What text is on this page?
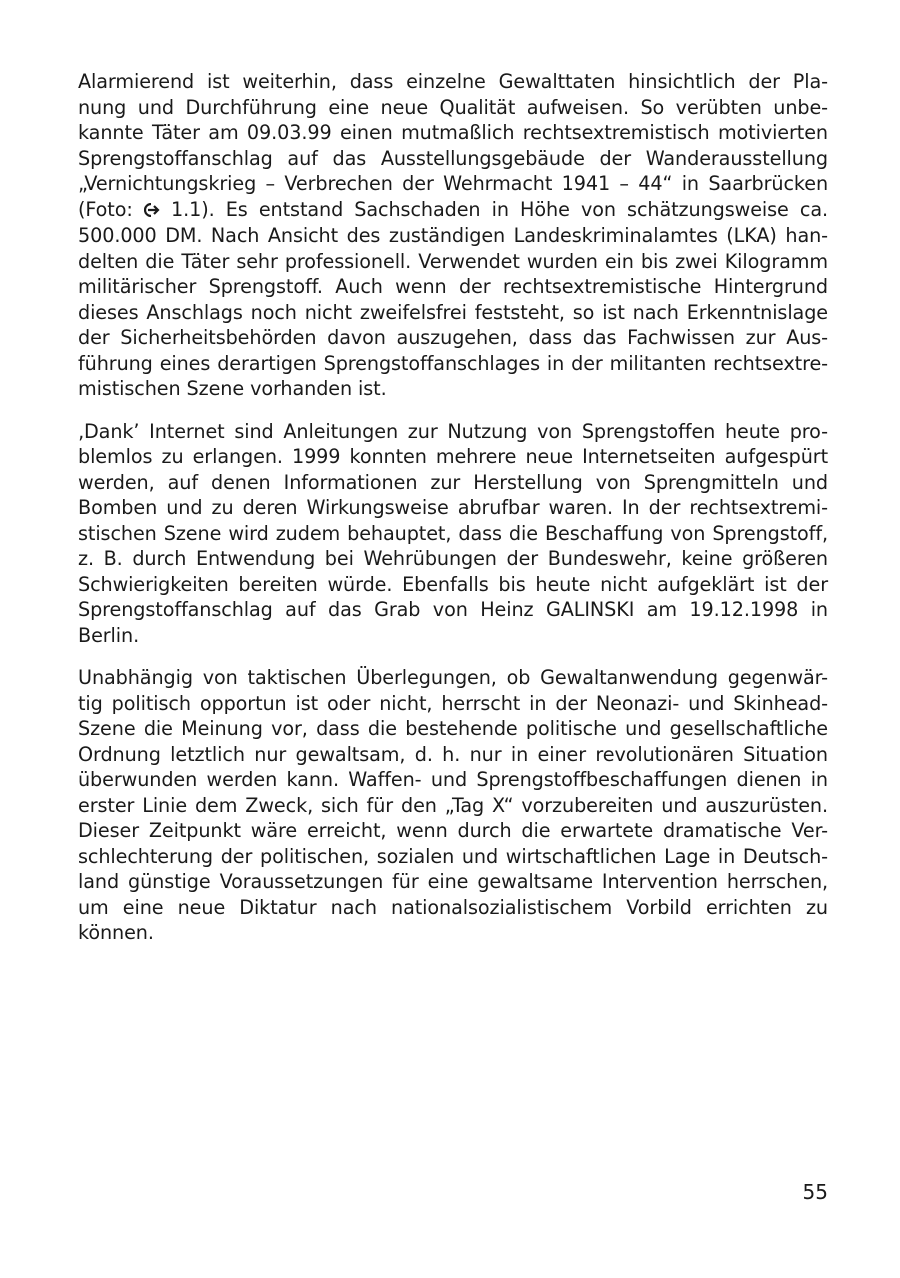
Alarmierend ist weiterhin, dass einzelne Gewalttaten hinsichtlich der Pla-
nung und Durchführung eine neue Qualität aufweisen. So verübten unbe-
kannte Täter am 09.03.99 einen mutmaßlich rechtsextremistisch motivierten
Sprengstoffanschlag auf das Ausstellungsgebäude der Wanderausstellung
„Vernichtungskrieg – Verbrechen der Wehrmacht 1941 – 44“ in Saarbrücken
(Foto: 1.1). Es entstand Sachschaden in Höhe von schätzungsweise ca.
500.000 DM. Nach Ansicht des zuständigen Landeskriminalamtes (LKA) han-
delten die Täter sehr professionell. Verwendet wurden ein bis zwei Kilogramm
militärischer Sprengstoff. Auch wenn der rechtsextremistische Hintergrund
dieses Anschlags noch nicht zweifelsfrei feststeht, so ist nach Erkenntnislage
der Sicherheitsbehörden davon auszugehen, dass das Fachwissen zur Aus-
führung eines derartigen Sprengstoffanschlages in der militanten rechtsextre-
mistischen Szene vorhanden ist.

‚Dank’ Internet sind Anleitungen zur Nutzung von Sprengstoffen heute pro-
blemlos zu erlangen. 1999 konnten mehrere neue Internetseiten aufgespürt
werden, auf denen Informationen zur Herstellung von Sprengmitteln und
Bomben und zu deren Wirkungsweise abrufbar waren. In der rechtsextremi-
stischen Szene wird zudem behauptet, dass die Beschaffung von Sprengstoff,
z. B. durch Entwendung bei Wehrübungen der Bundeswehr, keine größeren
Schwierigkeiten bereiten würde. Ebenfalls bis heute nicht aufgeklärt ist der
Sprengstoffanschlag auf das Grab von Heinz GALINSKI am 19.12.1998 in
Berlin.

Unabhängig von taktischen Überlegungen, ob Gewaltanwendung gegenwär-
tig politisch opportun ist oder nicht, herrscht in der Neonazi- und Skinhead-
Szene die Meinung vor, dass die bestehende politische und gesellschaftliche
Ordnung letztlich nur gewaltsam, d. h. nur in einer revolutionären Situation
überwunden werden kann. Waffen- und Sprengstoffbeschaffungen dienen in
erster Linie dem Zweck, sich für den „Tag X“ vorzubereiten und auszurüsten.
Dieser Zeitpunkt wäre erreicht, wenn durch die erwartete dramatische Ver-
schlechterung der politischen, sozialen und wirtschaftlichen Lage in Deutsch-
land günstige Voraussetzungen für eine gewaltsame Intervention herrschen,
um eine neue Diktatur nach nationalsozialistischem Vorbild errichten zu
können.

55
